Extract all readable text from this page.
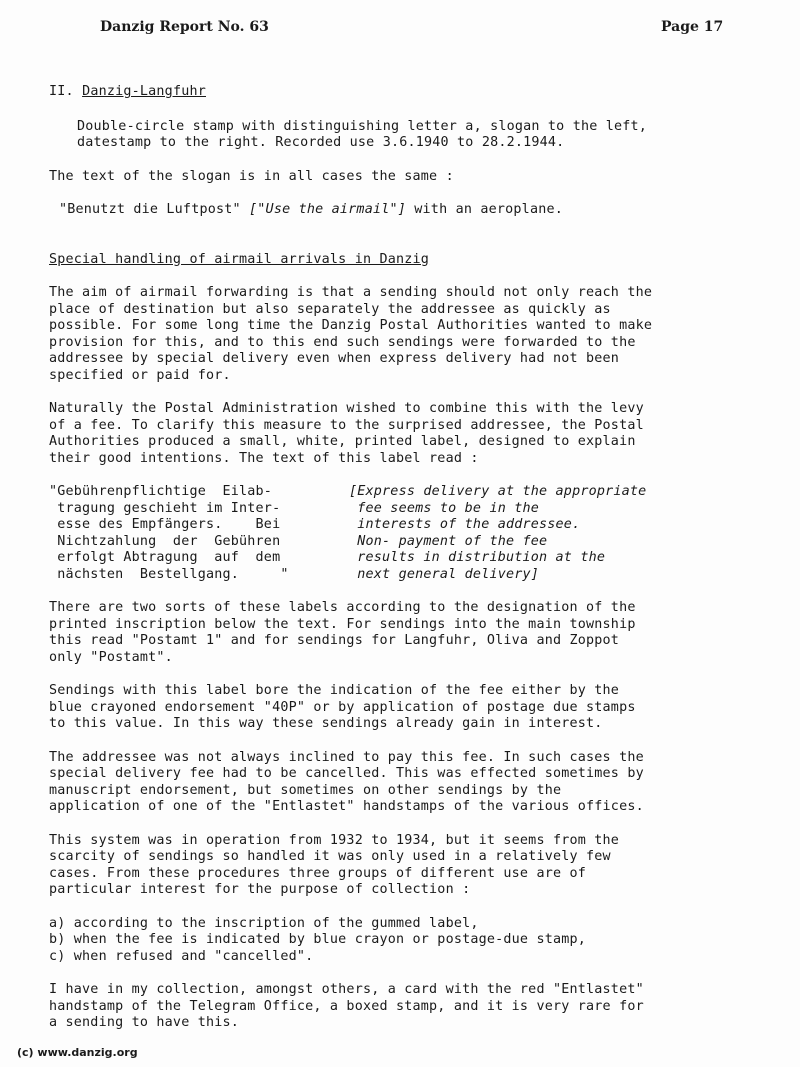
Danzig Report No. 63	Page 17

II. Danzig-Langfuhr

Double-circle stamp with distinguishing letter a, slogan to the left,
datestamp to the right. Recorded use 3.6.1940 to 28.2.1944.

The text of the slogan is in all cases the same :

"Benutzt die Luftpost" ["Use the airmail"] with an aeroplane.

Special handling of airmail arrivals in Danzig

The aim of airmail forwarding is that a sending should not only reach the
place of destination but also separately the addressee as quickly as
possible. For some long time the Danzig Postal Authorities wanted to make
provision for this, and to this end such sendings were forwarded to the
addressee by special delivery even when express delivery had not been
specified or paid for.

Naturally the Postal Administration wished to combine this with the levy
of a fee. To clarify this measure to the surprised addressee, the Postal
Authorities produced a small, white, printed label, designed to explain
their good intentions. The text of this label read :

"Gebührenpflichtige  Eilab-
tragung geschieht im Inter-
esse des Empfängers.    Bei
Nichtzahlung  der  Gebühren
erfolgt Abtragung  auf  dem
nächsten  Bestellgang.     "
[Express delivery at the appropriate
fee seems to be in the
interests of the addressee.
Non- payment of the fee
results in distribution at the
next general delivery]

There are two sorts of these labels according to the designation of the
printed inscription below the text. For sendings into the main township
this read "Postamt 1" and for sendings for Langfuhr, Oliva and Zoppot
only "Postamt".

Sendings with this label bore the indication of the fee either by the
blue crayoned endorsement "40P" or by application of postage due stamps
to this value. In this way these sendings already gain in interest.

The addressee was not always inclined to pay this fee. In such cases the
special delivery fee had to be cancelled. This was effected sometimes by
manuscript endorsement, but sometimes on other sendings by the
application of one of the "Entlastet" handstamps of the various offices.

This system was in operation from 1932 to 1934, but it seems from the
scarcity of sendings so handled it was only used in a relatively few
cases. From these procedures three groups of different use are of
particular interest for the purpose of collection :

a) according to the inscription of the gummed label,

b) when the fee is indicated by blue crayon or postage-due stamp,

c) when refused and "cancelled".

I have in my collection, amongst others, a card with the red "Entlastet"
handstamp of the Telegram Office, a boxed stamp, and it is very rare for
a sending to have this.

(c) www.danzig.org
